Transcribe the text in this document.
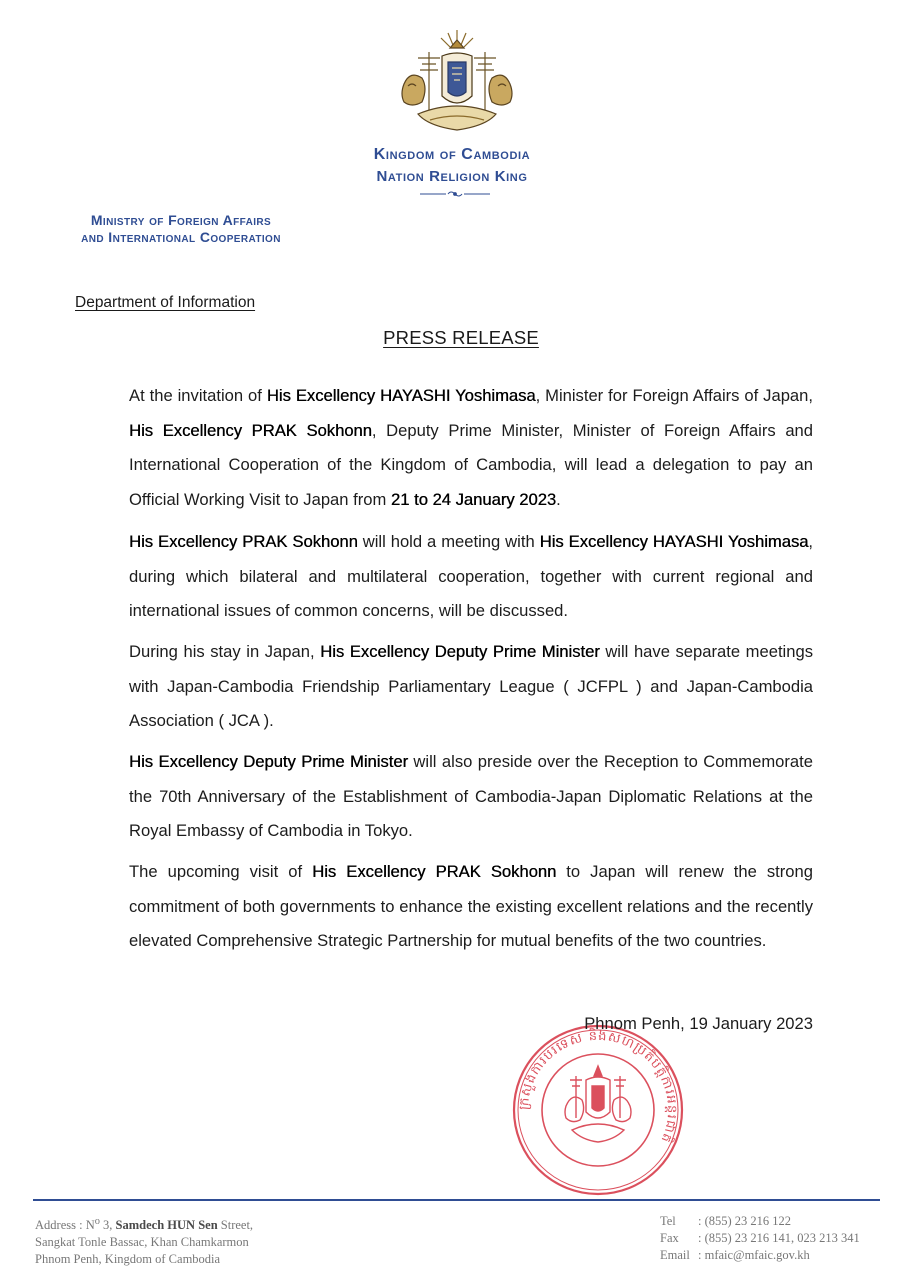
Kingdom of Cambodia
Nation Religion King
Ministry of Foreign Affairs
and International Cooperation
Department of Information
PRESS RELEASE

At the invitation of His Excellency HAYASHI Yoshimasa, Minister for Foreign Affairs of Japan, His Excellency PRAK Sokhonn, Deputy Prime Minister, Minister of Foreign Affairs and International Cooperation of the Kingdom of Cambodia, will lead a delegation to pay an Official Working Visit to Japan from 21 to 24 January 2023.

His Excellency PRAK Sokhonn will hold a meeting with His Excellency HAYASHI Yoshimasa, during which bilateral and multilateral cooperation, together with current regional and international issues of common concerns, will be discussed.

During his stay in Japan, His Excellency Deputy Prime Minister will have separate meetings with Japan-Cambodia Friendship Parliamentary League ( JCFPL ) and Japan-Cambodia Association ( JCA ).

His Excellency Deputy Prime Minister will also preside over the Reception to Commemorate the 70th Anniversary of the Establishment of Cambodia-Japan Diplomatic Relations at the Royal Embassy of Cambodia in Tokyo.

The upcoming visit of His Excellency PRAK Sokhonn to Japan will renew the strong commitment of both governments to enhance the existing excellent relations and the recently elevated Comprehensive Strategic Partnership for mutual benefits of the two countries.

ក្រសួងការបរទេស និងសហប្រតិបត្តិការអន្តរជាតិ
Phnom Penh, 19 January 2023
Address : $N^o$ 3, Samdech HUN Sen Street,
Sangkat Tonle Bassac, Khan Chamkarmon
Phnom Penh, Kingdom of Cambodia
Tel : (855) 23 216 122
Fax : (855) 23 216 141, 023 213 341
Email : mfaic@mfaic.gov.kh
